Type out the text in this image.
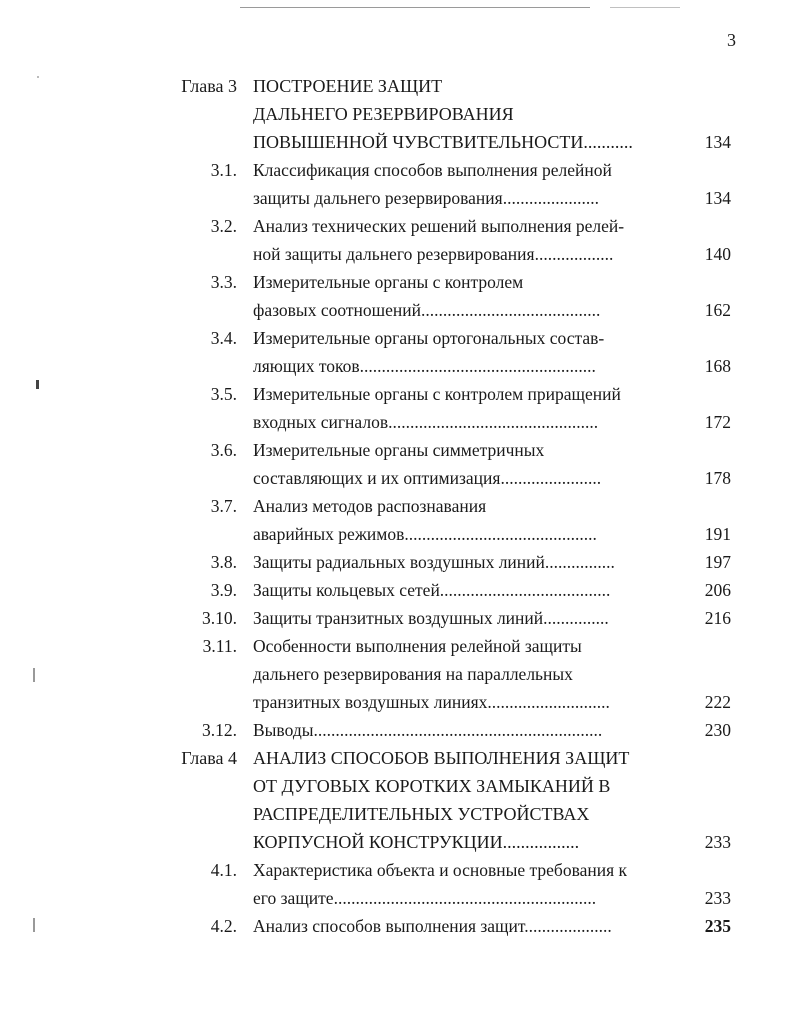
3
Глава 3 ПОСТРОЕНИЕ ЗАЩИТ
ДАЛЬНЕГО РЕЗЕРВИРОВАНИЯ
ПОВЫШЕННОЙ ЧУВСТВИТЕЛЬНОСТИ...........	134
3.1. Классификация способов выполнения релейной
защиты дальнего резервирования......................	134
3.2. Анализ технических решений выполнения релей-
ной защиты дальнего резервирования..................	140
3.3. Измерительные органы с контролем
фазовых соотношений.........................................	162
3.4. Измерительные органы ортогональных состав-
ляющих токов......................................................	168
3.5. Измерительные органы с контролем приращений
входных сигналов................................................	172
3.6. Измерительные органы симметричных
составляющих и их оптимизация.......................	178
3.7. Анализ методов распознавания
аварийных режимов............................................	191
3.8. Защиты радиальных воздушных линий................	197
3.9. Защиты кольцевых сетей.......................................	206
3.10. Защиты транзитных воздушных линий...............	216
3.11. Особенности выполнения релейной защиты
дальнего резервирования на параллельных
транзитных воздушных линиях............................	222
3.12. Выводы..................................................................	230
Глава 4 АНАЛИЗ СПОСОБОВ ВЫПОЛНЕНИЯ ЗАЩИТ
ОТ ДУГОВЫХ КОРОТКИХ ЗАМЫКАНИЙ В
РАСПРЕДЕЛИТЕЛЬНЫХ УСТРОЙСТВАХ
КОРПУСНОЙ КОНСТРУКЦИИ.................	233
4.1. Характеристика объекта и основные требования к
его защите............................................................	233
4.2. Анализ способов выполнения защит....................	235
